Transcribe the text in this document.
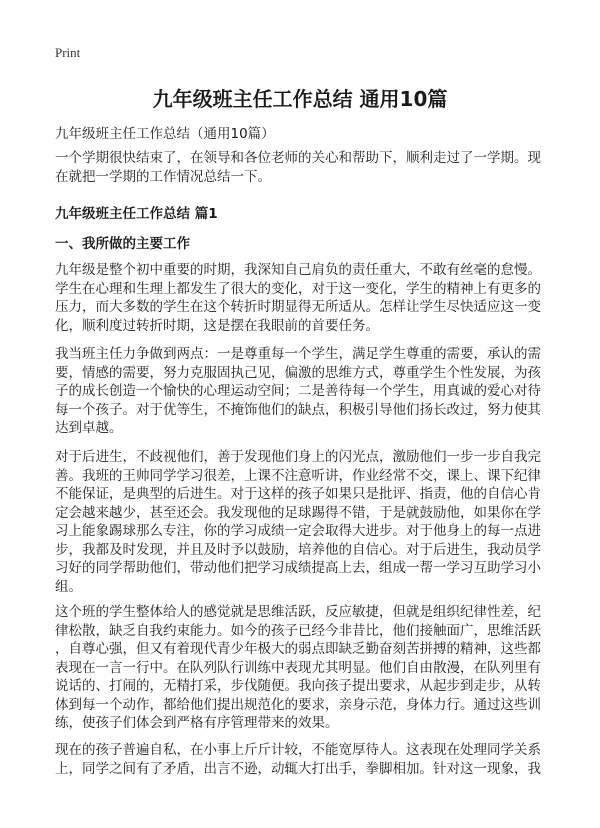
Print
九年级班主任工作总结 通用10篇
九年级班主任工作总结（通用10篇）
一个学期很快结束了，在领导和各位老师的关心和帮助下，顺利走过了一学期。现
在就把一学期的工作情况总结一下。
九年级班主任工作总结 篇1
一、我所做的主要工作
九年级是整个初中重要的时期，我深知自己肩负的责任重大，不敢有丝毫的怠慢。
学生在心理和生理上都发生了很大的变化，对于这一变化，学生的精神上有更多的
压力，而大多数的学生在这个转折时期显得无所适从。怎样让学生尽快适应这一变
化，顺利度过转折时期，这是摆在我眼前的首要任务。
我当班主任力争做到两点：一是尊重每一个学生，满足学生尊重的需要，承认的需
要，情感的需要，努力克服固执己见，偏激的思维方式，尊重学生个性发展，为孩
子的成长创造一个愉快的心理运动空间；二是善待每一个学生，用真诚的爱心对待
每一个孩子。对于优等生，不掩饰他们的缺点，积极引导他们扬长改过，努力使其
达到卓越。
对于后进生，不歧视他们，善于发现他们身上的闪光点，激励他们一步一步自我完
善。我班的王帅同学学习很差，上课不注意听讲，作业经常不交，课上、课下纪律
不能保证，是典型的后进生。对于这样的孩子如果只是批评、指责，他的自信心肯
定会越来越少，甚至还会。我发现他的足球踢得不错，于是就鼓励他，如果你在学
习上能象踢球那么专注，你的学习成绩一定会取得大进步。对于他身上的每一点进
步，我都及时发现，并且及时予以鼓励，培养他的自信心。对于后进生，我动员学
习好的同学帮助他们，带动他们把学习成绩提高上去，组成一帮一学习互助学习小
组。
这个班的学生整体给人的感觉就是思维活跃，反应敏捷，但就是组织纪律性差，纪
律松散，缺乏自我约束能力。如今的孩子已经今非昔比，他们接触面广，思维活跃
，自尊心强，但又有着现代青少年极大的弱点即缺乏勤奋刻苦拼搏的精神，这些都
表现在一言一行中。在队列队行训练中表现尤其明显。他们自由散漫，在队列里有
说话的、打闹的，无精打采，步伐随便。我向孩子提出要求，从起步到走步，从转
体到每一个动作，都给他们提出规范化的要求，亲身示范，身体力行。通过这些训
练，使孩子们体会到严格有序管理带来的效果。
现在的孩子普遍自私，在小事上斤斤计较，不能宽厚待人。这表现在处理同学关系
上，同学之间有了矛盾，出言不逊，动辄大打出手，拳脚相加。针对这一现象，我
